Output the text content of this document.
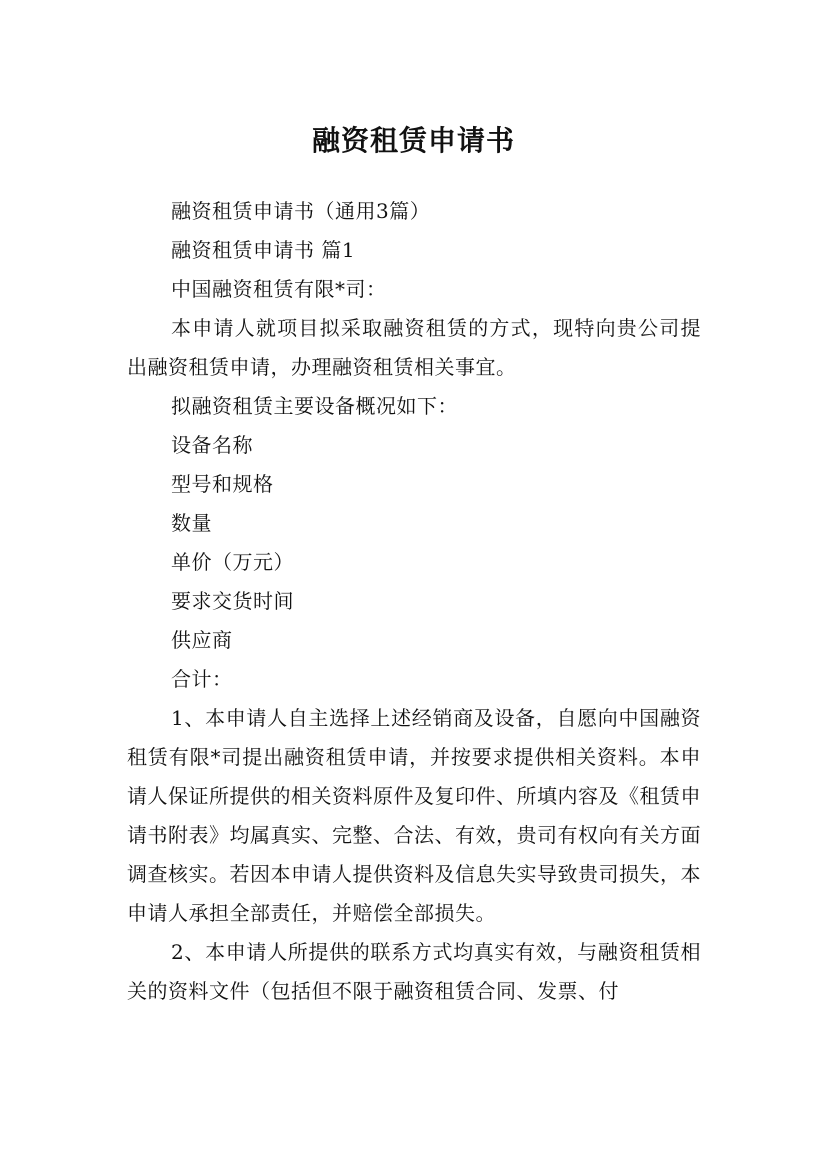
融资租赁申请书

融资租赁申请书（通用3篇）

融资租赁申请书 篇1

中国融资租赁有限*司：

本申请人就项目拟采取融资租赁的方式，现特向贵公司提出融资租赁申请，办理融资租赁相关事宜。

拟融资租赁主要设备概况如下：

设备名称

型号和规格

数量

单价（万元）

要求交货时间

供应商

合计：

1、本申请人自主选择上述经销商及设备，自愿向中国融资租赁有限*司提出融资租赁申请，并按要求提供相关资料。本申请人保证所提供的相关资料原件及复印件、所填内容及《租赁申请书附表》均属真实、完整、合法、有效，贵司有权向有关方面调查核实。若因本申请人提供资料及信息失实导致贵司损失，本申请人承担全部责任，并赔偿全部损失。

2、本申请人所提供的联系方式均真实有效，与融资租赁相关的资料文件（包括但不限于融资租赁合同、发票、付
